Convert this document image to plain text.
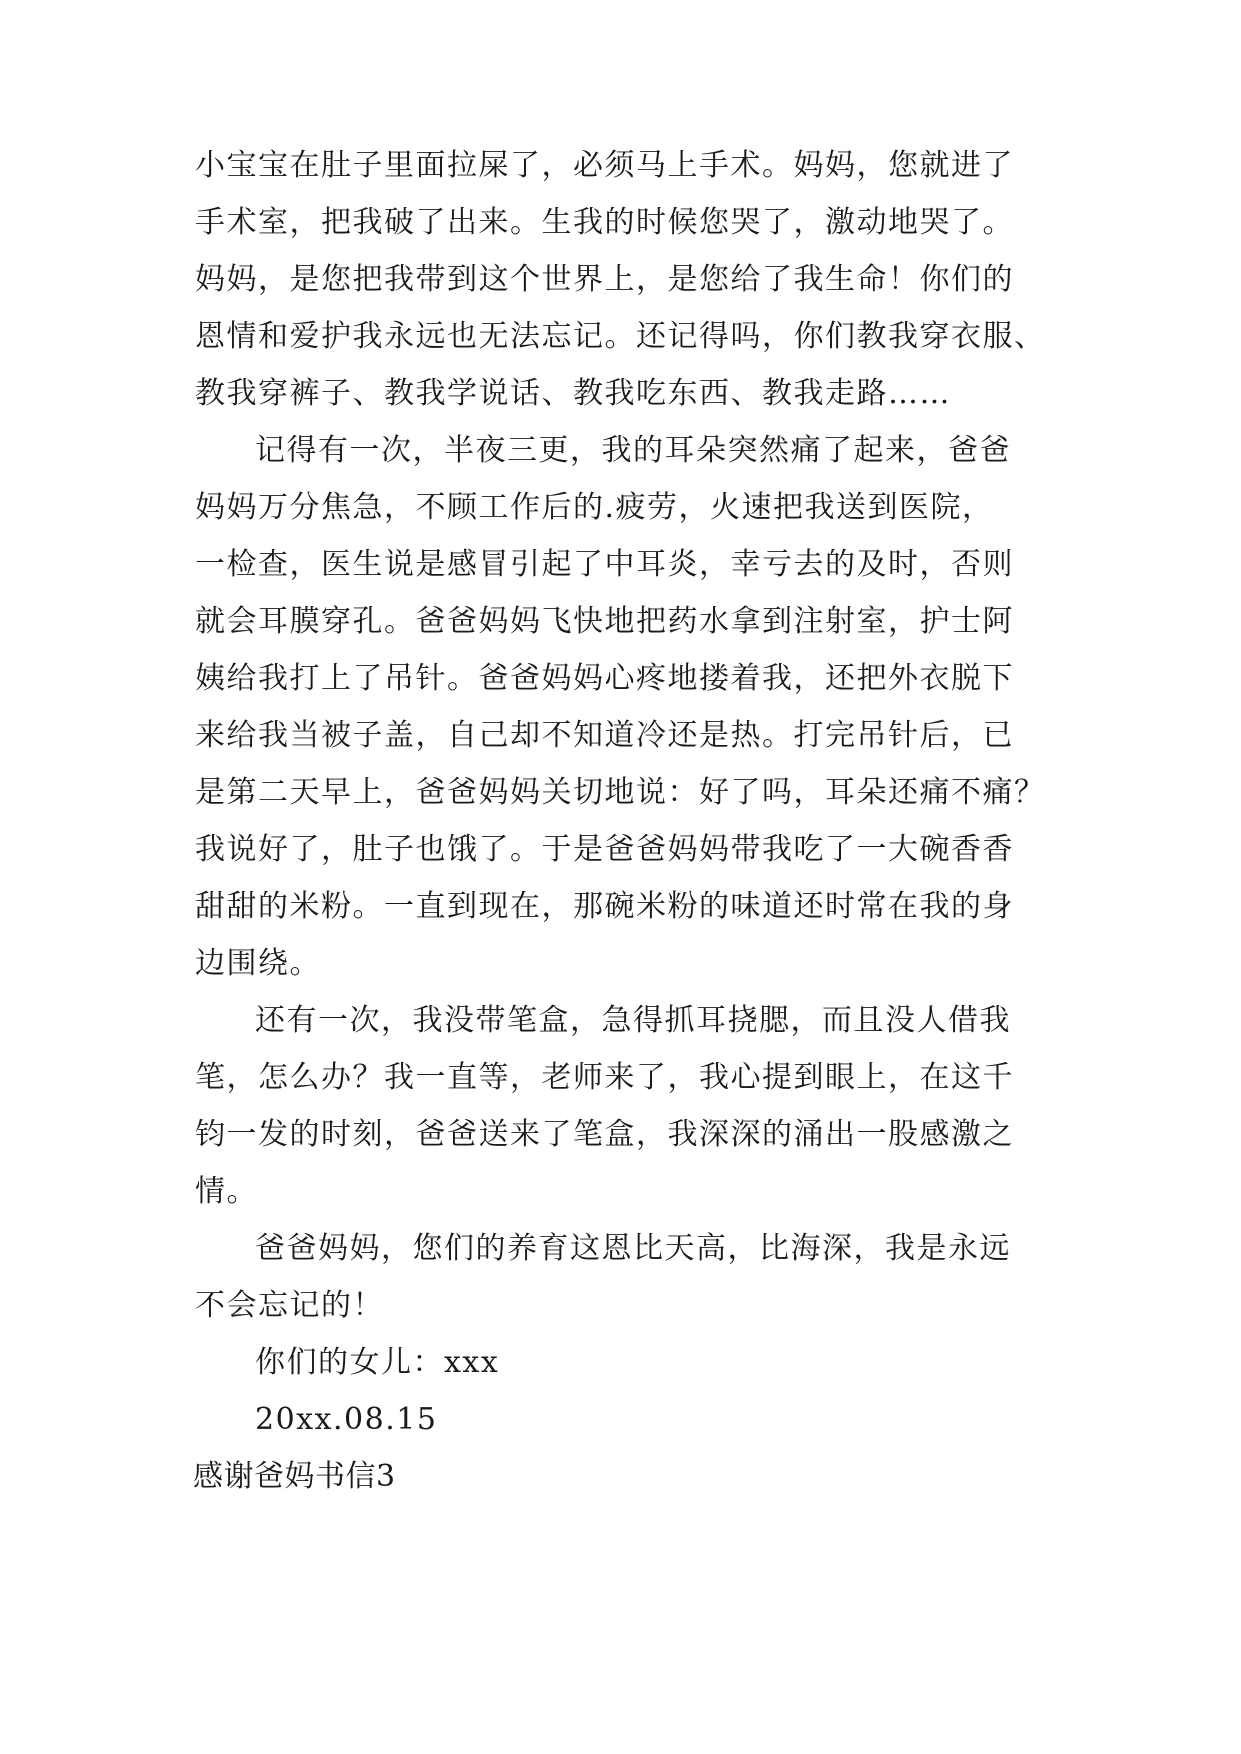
小宝宝在肚子里面拉屎了，必须马上手术。妈妈，您就进了

手术室，把我破了出来。生我的时候您哭了，激动地哭了。

妈妈，是您把我带到这个世界上，是您给了我生命！你们的

恩情和爱护我永远也无法忘记。还记得吗，你们教我穿衣服、

教我穿裤子、教我学说话、教我吃东西、教我走路……

记得有一次，半夜三更，我的耳朵突然痛了起来，爸爸

妈妈万分焦急，不顾工作后的.疲劳，火速把我送到医院，

一检查，医生说是感冒引起了中耳炎，幸亏去的及时，否则

就会耳膜穿孔。爸爸妈妈飞快地把药水拿到注射室，护士阿

姨给我打上了吊针。爸爸妈妈心疼地搂着我，还把外衣脱下

来给我当被子盖，自己却不知道冷还是热。打完吊针后，已

是第二天早上，爸爸妈妈关切地说：好了吗，耳朵还痛不痛？

我说好了，肚子也饿了。于是爸爸妈妈带我吃了一大碗香香

甜甜的米粉。一直到现在，那碗米粉的味道还时常在我的身

边围绕。

还有一次，我没带笔盒，急得抓耳挠腮，而且没人借我

笔，怎么办？我一直等，老师来了，我心提到眼上，在这千

钧一发的时刻，爸爸送来了笔盒，我深深的涌出一股感激之

情。

爸爸妈妈，您们的养育这恩比天高，比海深，我是永远

不会忘记的！

你们的女儿：xxx

20xx.08.15

感谢爸妈书信3
